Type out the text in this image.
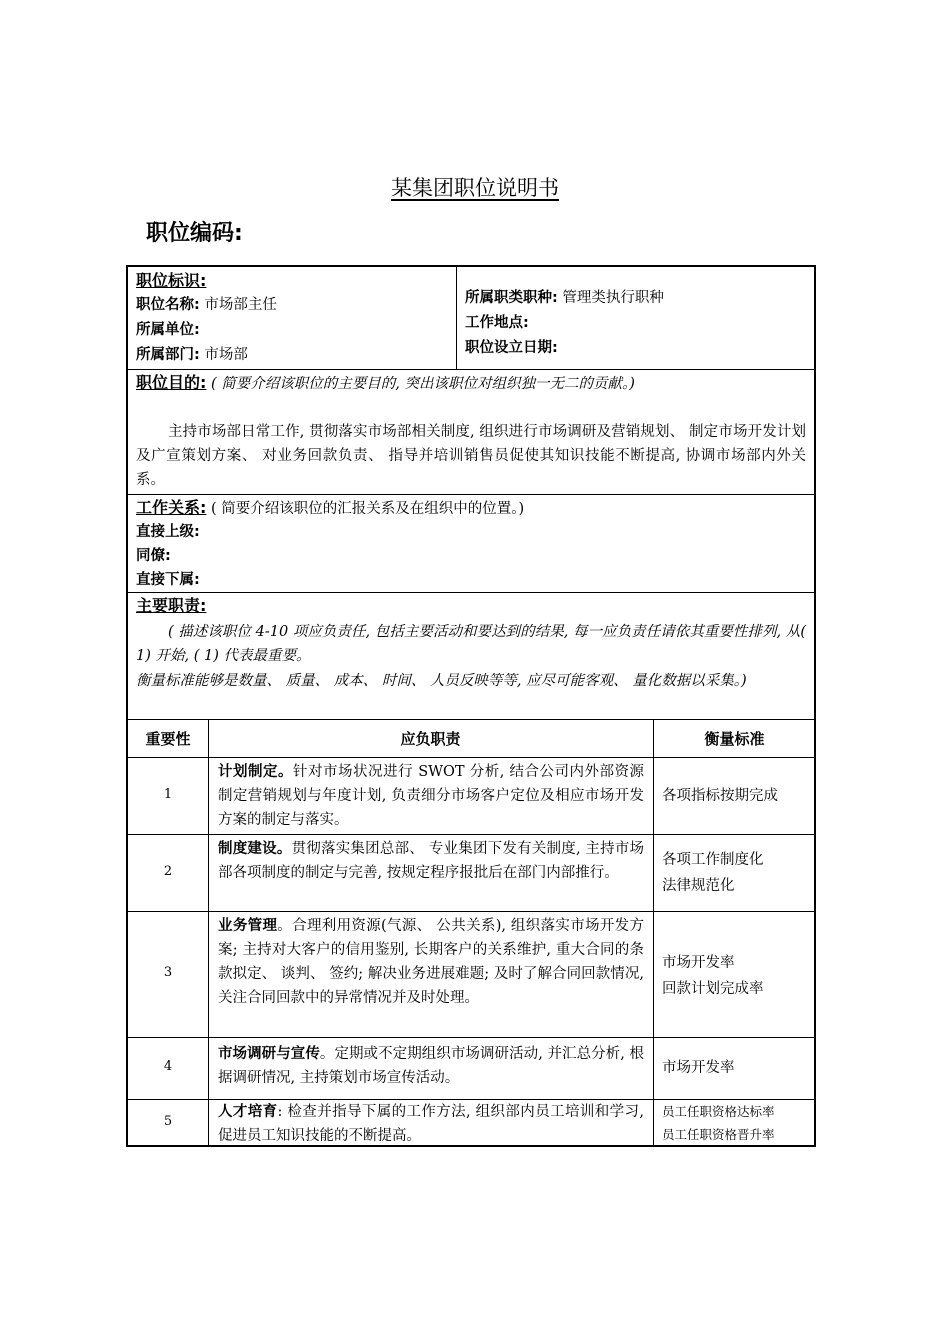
某集团职位说明书
职位编码:
职位标识:
职位名称: 市场部主任
所属单位:
所属部门: 市场部
所属职类职种: 管理类执行职种
工作地点:
职位设立日期:
职位目的: ( 简要介绍该职位的主要目的, 突出该职位对组织独一无二的贡献。)
主持市场部日常工作, 贯彻落实市场部相关制度, 组织进行市场调研及营销规划、 制定市场开发计划及广宣策划方案、 对业务回款负责、 指导并培训销售员促使其知识技能不断提高, 协调市场部内外关系。
工作关系: ( 简要介绍该职位的汇报关系及在组织中的位置。)
直接上级:
同僚:
直接下属:
主要职责:
( 描述该职位 4-10 项应负责任, 包括主要活动和要达到的结果, 每一应负责任请依其重要性排列, 从( 1) 开始, ( 1) 代表最重要。
衡量标准能够是数量、 质量、 成本、 时间、 人员反映等等, 应尽可能客观、 量化数据以采集。)
重要性	应负职责	衡量标准
1
计划制定。针对市场状况进行 SWOT 分析, 结合公司内外部资源制定营销规划与年度计划, 负责细分市场客户定位及相应市场开发方案的制定与落实。
各项指标按期完成
2
制度建设。贯彻落实集团总部、 专业集团下发有关制度, 主持市场部各项制度的制定与完善, 按规定程序报批后在部门内部推行。
各项工作制度化
法律规范化
3
业务管理。合理利用资源(气源、 公共关系), 组织落实市场开发方案; 主持对大客户的信用鉴别, 长期客户的关系维护, 重大合同的条款拟定、 谈判、 签约; 解决业务进展难题; 及时了解合同回款情况, 关注合同回款中的异常情况并及时处理。
市场开发率
回款计划完成率
4
市场调研与宣传。定期或不定期组织市场调研活动, 并汇总分析, 根据调研情况, 主持策划市场宣传活动。
市场开发率
5
人才培育: 检查并指导下属的工作方法, 组织部内员工培训和学习, 促进员工知识技能的不断提高。
员工任职资格达标率
员工任职资格晋升率
